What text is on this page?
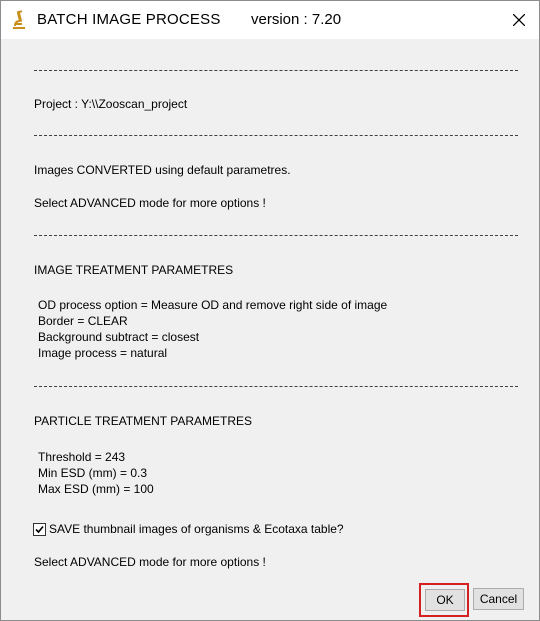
BATCH IMAGE PROCESS version : 7.20
Project : Y:\\Zooscan_project
Images CONVERTED using default parametres.
Select ADVANCED mode for more options !
IMAGE TREATMENT PARAMETRES
OD process option = Measure OD and remove right side of image
Border = CLEAR
Background subtract = closest
Image process = natural
PARTICLE TREATMENT PARAMETRES
Threshold = 243
Min ESD (mm) = 0.3
Max ESD (mm) = 100
SAVE thumbnail images of organisms & Ecotaxa table?
Select ADVANCED mode for more options !
OK	Cancel
